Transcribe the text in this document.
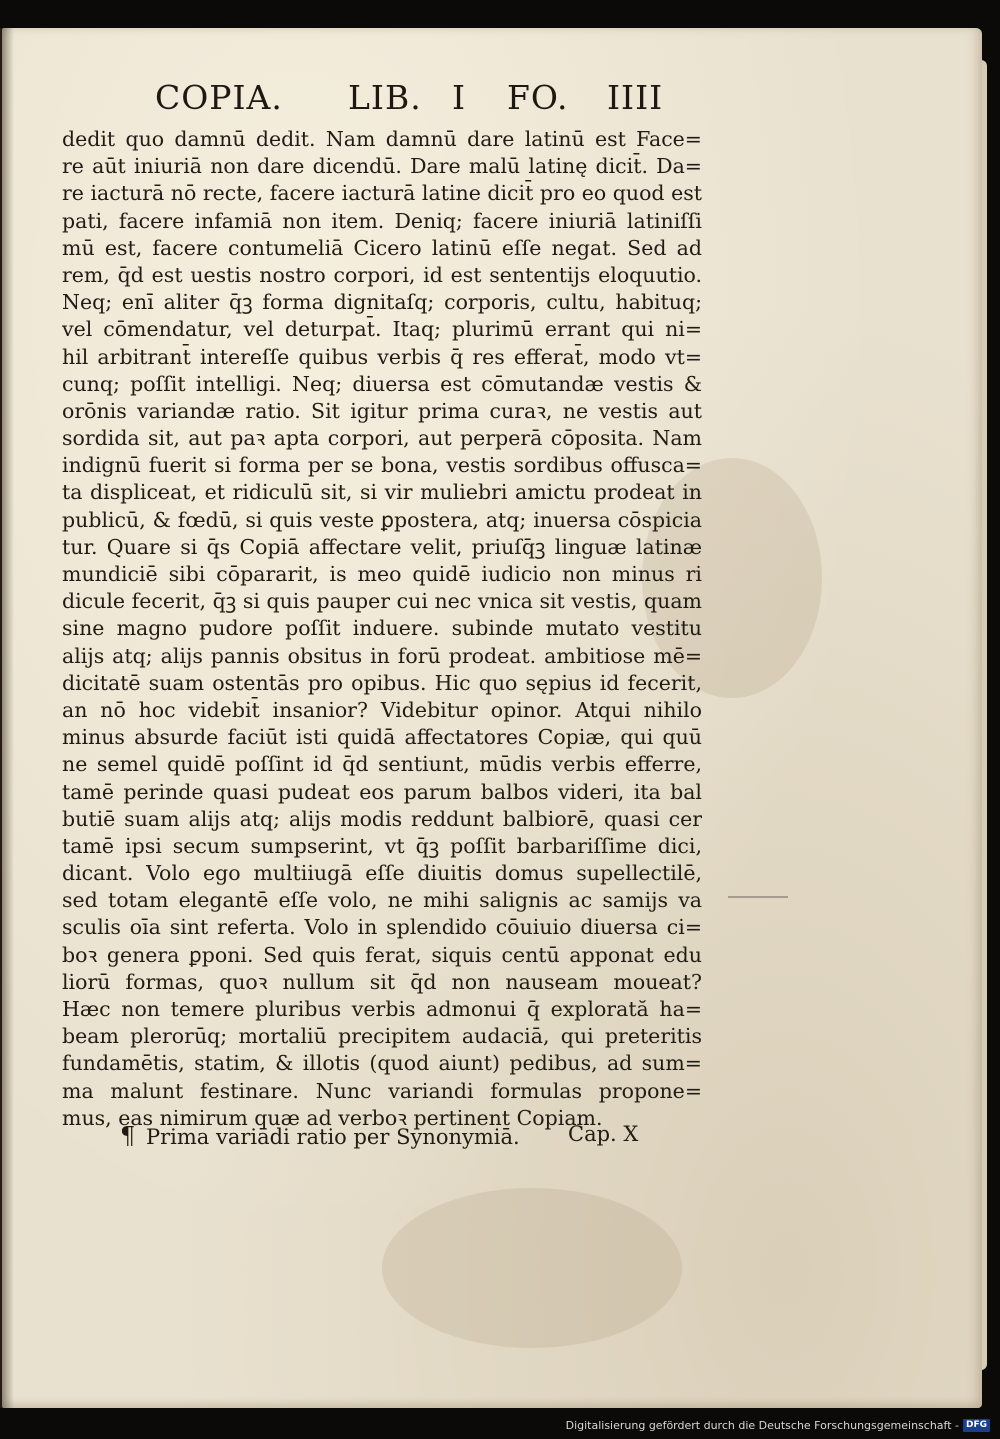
COPIA. LIB. I FO. IIII
dedit quo damnū dedit. Nam damnū dare latinū est Face=
re aūt iniuriā non dare dicendū. Dare malū latinę dicit̄. Da=
re iacturā nō recte, facere iacturā latine dicit̄ pro eo quod est
pati, facere infamiā non item. Deniq; facere iniuriā latiniſſi
mū est, facere contumeliā Cicero latinū eſſe negat. Sed ad
rem, q̄d est uestis nostro corpori, id est sententijs eloquutio.
Neq; enī aliter q̄ꝫ forma dignitaſq; corporis, cultu, habituq;
vel cōmendatur, vel deturpat̄. Itaq; plurimū errant qui ni=
hil arbitrant̄ intereſſe quibus verbis q̄ res efferat̄, modo vt=
cunq; poſſit intelligi. Neq; diuersa est cōmutandæ vestis &
orōnis variandæ ratio. Sit igitur prima curaꝛ, ne vestis aut
sordida sit, aut paꝛ apta corpori, aut perperā cōposita. Nam
indignū fuerit si forma per se bona, vestis sordibus offusca=
ta displiceat, et ridiculū sit, si vir muliebri amictu prodeat in
publicū, & fœdū, si quis veste ꝑpostera, atq; inuersa cōspicia
tur. Quare si q̄s Copiā affectare velit, priuſq̄ꝫ linguæ latinæ
mundiciē sibi cōpararit, is meo quidē iudicio non minus ri
dicule fecerit, q̄ꝫ si quis pauper cui nec vnica sit vestis, quam
sine magno pudore poſſit induere. subinde mutato vestitu
alijs atq; alijs pannis obsitus in forū prodeat. ambitiose mē=
dicitatē suam ostentās pro opibus. Hic quo sępius id fecerit,
an nō hoc videbit̄ insanior? Videbitur opinor. Atqui nihilo
minus absurde faciūt isti quidā affectatores Copiæ, qui quū
ne semel quidē poſſint id q̄d sentiunt, mūdis verbis efferre,
tamē perinde quasi pudeat eos parum balbos videri, ita bal
butiē suam alijs atq; alijs modis reddunt balbiorē, quasi cer
tamē ipsi secum sumpserint, vt q̄ꝫ poſſit barbariſſime dici,
dicant. Volo ego multiiugā eſſe diuitis domus supellectilē,
sed totam elegantē eſſe volo, ne mihi salignis ac samijs va
sculis oīa sint referta. Volo in splendido cōuiuio diuersa ci=
boꝛ genera ꝑponi. Sed quis ferat, siquis centū apponat edu
liorū formas, quoꝛ nullum sit q̄d non nauseam moueat?
Hæc non temere pluribus verbis admonui q̄ explorată ha=
beam plerorūq; mortaliū precipitem audaciā, qui preteritis
fundamētis, statim, & illotis (quod aiunt) pedibus, ad sum=
ma malunt festinare. Nunc variandi formulas propone=
mus, eas nimirum quæ ad verboꝛ pertinent Copiam.
¶ Prima variādi ratio per Synonymiā. Cap. X
Digitalisierung gefördert durch die Deutsche Forschungsgemeinschaft - DFG
